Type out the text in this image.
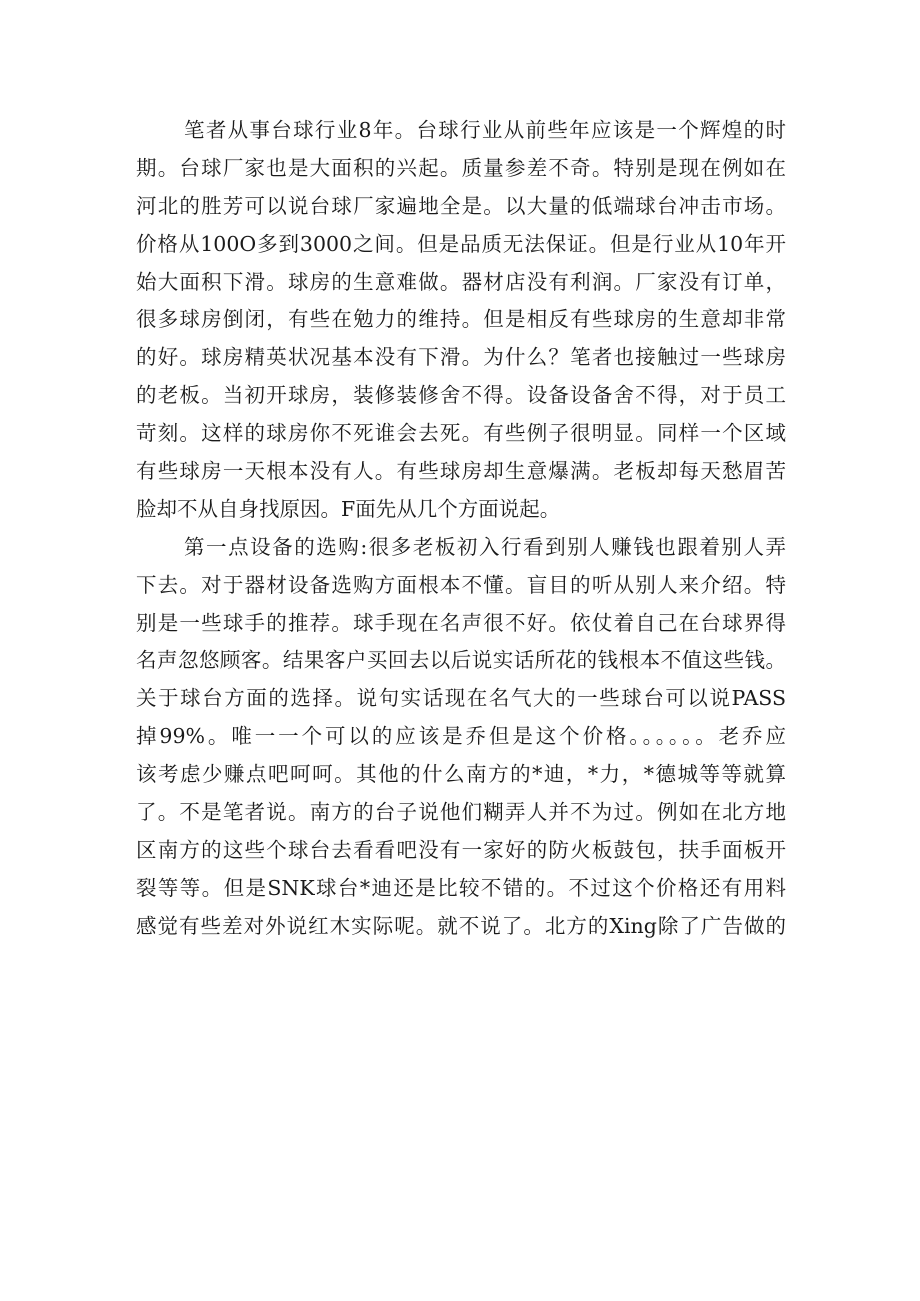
笔者从事台球行业8年。台球行业从前些年应该是一个辉煌的时
期。台球厂家也是大面积的兴起。质量参差不奇。特别是现在例如在
河北的胜芳可以说台球厂家遍地全是。以大量的低端球台冲击市场。
价格从100O多到3000之间。但是品质无法保证。但是行业从10年开
始大面积下滑。球房的生意难做。器材店没有利润。厂家没有订单，
很多球房倒闭，有些在勉力的维持。但是相反有些球房的生意却非常
的好。球房精英状况基本没有下滑。为什么？笔者也接触过一些球房
的老板。当初开球房，装修装修舍不得。设备设备舍不得，对于员工
苛刻。这样的球房你不死谁会去死。有些例子很明显。同样一个区域
有些球房一天根本没有人。有些球房却生意爆满。老板却每天愁眉苦
脸却不从自身找原因。F面先从几个方面说起。
第一点设备的选购:很多老板初入行看到别人赚钱也跟着别人弄
下去。对于器材设备选购方面根本不懂。盲目的听从别人来介绍。特
别是一些球手的推荐。球手现在名声很不好。依仗着自己在台球界得
名声忽悠顾客。结果客户买回去以后说实话所花的钱根本不值这些钱。
关于球台方面的选择。说句实话现在名气大的一些球台可以说PASS
掉99%。唯一一个可以的应该是乔但是这个价格。。。。。。老乔应
该考虑少赚点吧呵呵。其他的什么南方的*迪，*力，*德城等等就算
了。不是笔者说。南方的台子说他们糊弄人并不为过。例如在北方地
区南方的这些个球台去看看吧没有一家好的防火板鼓包，扶手面板开
裂等等。但是SNK球台*迪还是比较不错的。不过这个价格还有用料
感觉有些差对外说红木实际呢。就不说了。北方的Xing除了广告做的
